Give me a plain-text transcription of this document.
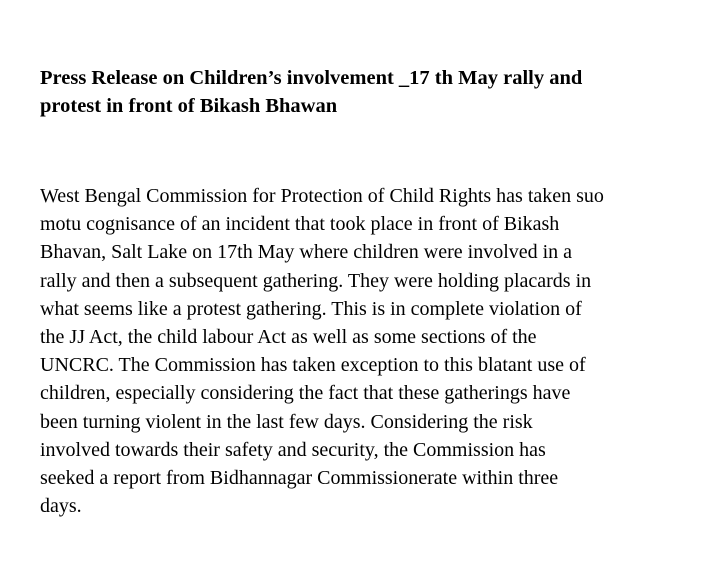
Press Release on Children’s involvement _17 th May rally and
protest in front of Bikash Bhawan

West Bengal Commission for Protection of Child Rights has taken suo
motu cognisance of an incident that took place in front of Bikash
Bhavan, Salt Lake on 17th May where children were involved in a
rally and then a subsequent gathering. They were holding placards in
what seems like a protest gathering. This is in complete violation of
the JJ Act, the child labour Act as well as some sections of the
UNCRC. The Commission has taken exception to this blatant use of
children, especially considering the fact that these gatherings have
been turning violent in the last few days. Considering the risk
involved towards their safety and security, the Commission has
seeked a report from Bidhannagar Commissionerate within three
days.
